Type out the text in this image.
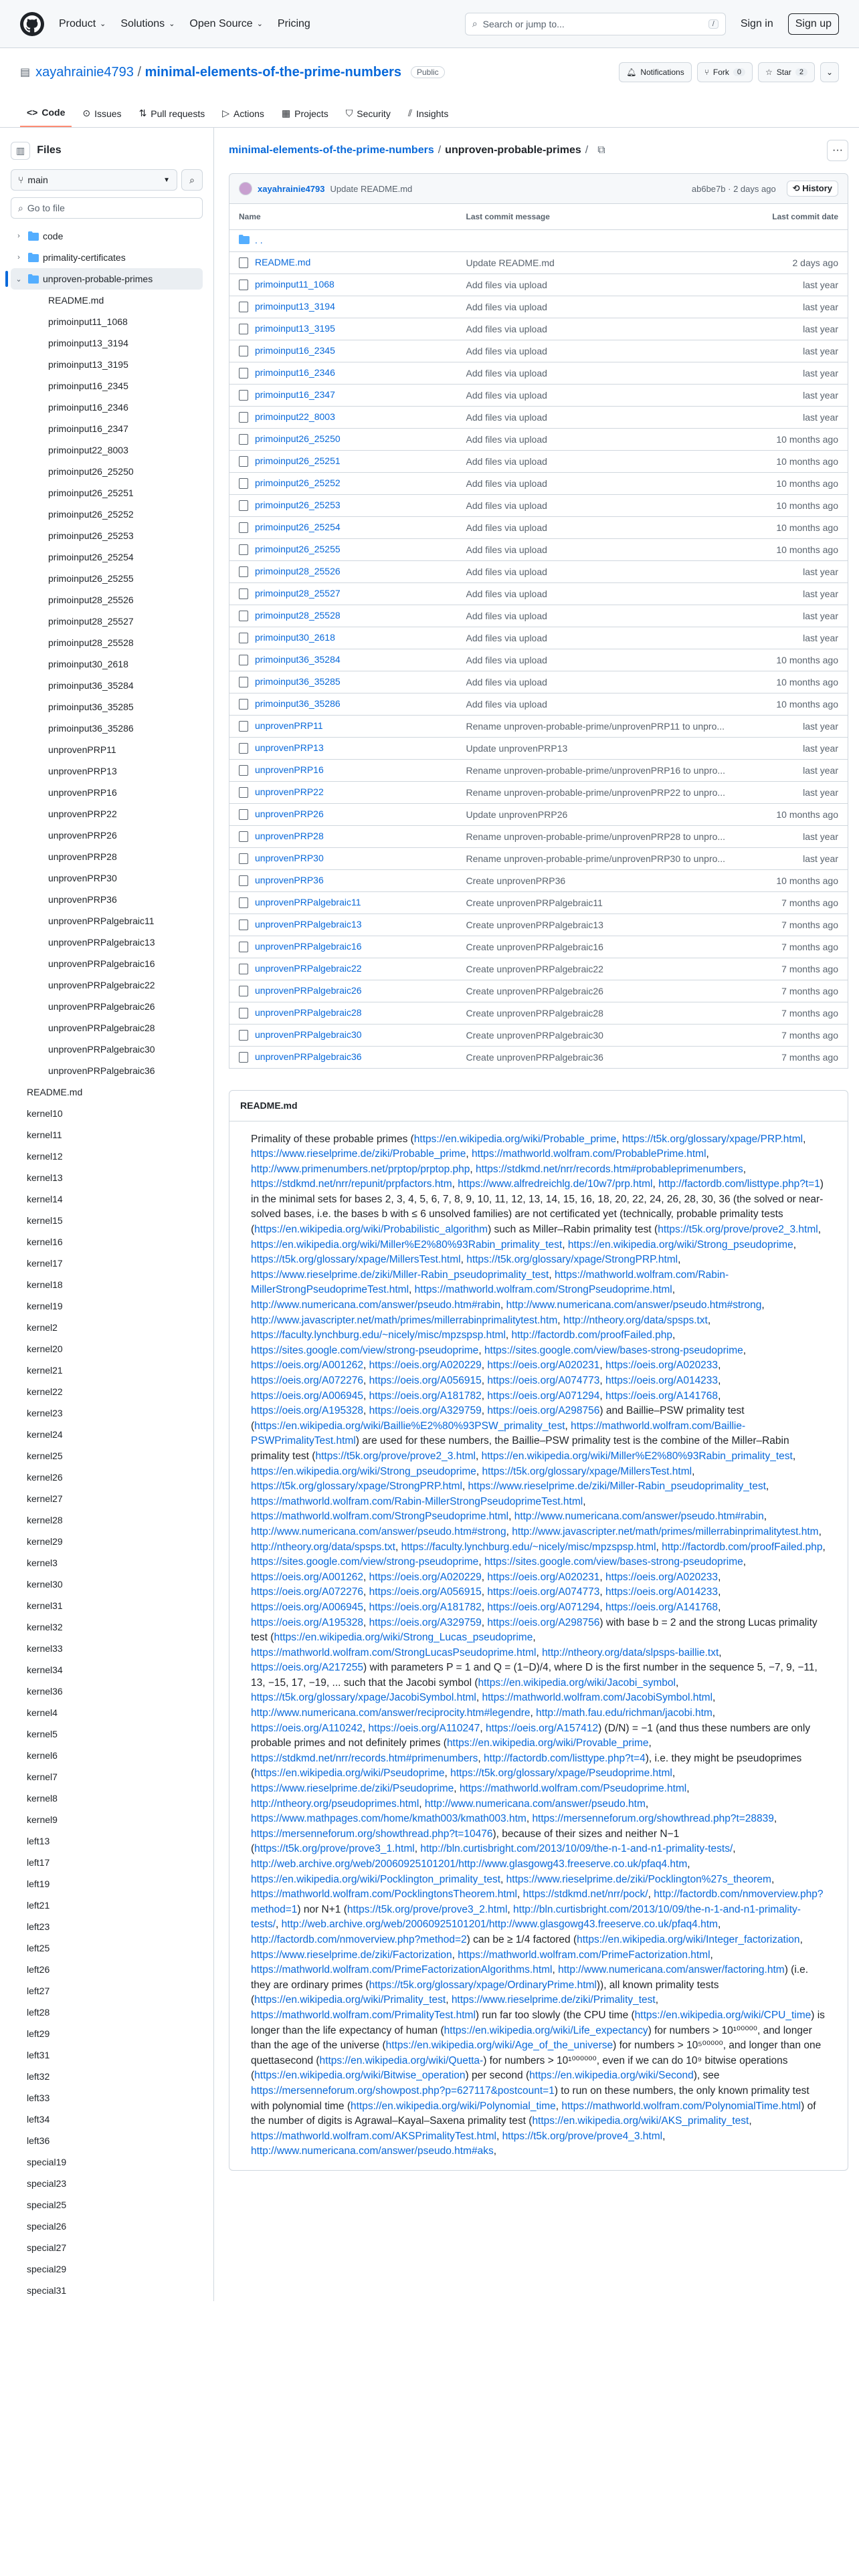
Product ⌄ Solutions ⌄ Open Source ⌄ Pricing	⌕ Search or jump to...	/	Sign in	Sign up
▤ xayahrainie4793 / minimal-elements-of-the-prime-numbers	Public	🔔︎ Notifications	⑂ Fork	0	☆ Star	2	⌄
<> Code ⊙ Issues ⇅ Pull requests ▷ Actions ▦ Projects ⛉ Security ⫽ Insights
▥	Files
⑂ main	▼ ⌕
⌕ Go to file
›	code
›	primality-certificates
⌄ unproven-probable-primes
README.md
primoinput11_1068
primoinput13_3194
primoinput13_3195
primoinput16_2345
primoinput16_2346
primoinput16_2347
primoinput22_8003
primoinput26_25250
primoinput26_25251
primoinput26_25252
primoinput26_25253
primoinput26_25254
primoinput26_25255
primoinput28_25526
primoinput28_25527
primoinput28_25528
primoinput30_2618
primoinput36_35284
primoinput36_35285
primoinput36_35286
unprovenPRP11
unprovenPRP13
unprovenPRP16
unprovenPRP22
unprovenPRP26
unprovenPRP28
unprovenPRP30
unprovenPRP36
unprovenPRPalgebraic11
unprovenPRPalgebraic13
unprovenPRPalgebraic16
unprovenPRPalgebraic22
unprovenPRPalgebraic26
unprovenPRPalgebraic28
unprovenPRPalgebraic30
unprovenPRPalgebraic36
README.md
kernel10
kernel11
kernel12
kernel13
kernel14
kernel15
kernel16
kernel17
kernel18
kernel19
kernel2
kernel20
kernel21
kernel22
kernel23
kernel24
kernel25
kernel26
kernel27
kernel28
kernel29
kernel3
kernel30
kernel31
kernel32
kernel33
kernel34
kernel36
kernel4
kernel5
kernel6
kernel7
kernel8
kernel9
left13
left17
left19
left21
left23
left25
left26
left27
left28
left29
left31
left32
left33
left34
left36
special19
special23
special25
special26
special27
special29
special31
minimal-elements-of-the-prime-numbers / unproven-probable-primes / ⧉	···
xayahrainie4793 Update README.md	ab6be7b · 2 days ago	⟲ History
Name	Last commit message	Last commit date
. .		
README.md	Update README.md	2 days ago
primoinput11_1068	Add files via upload	last year
primoinput13_3194	Add files via upload	last year
primoinput13_3195	Add files via upload	last year
primoinput16_2345	Add files via upload	last year
primoinput16_2346	Add files via upload	last year
primoinput16_2347	Add files via upload	last year
primoinput22_8003	Add files via upload	last year
primoinput26_25250	Add files via upload	10 months ago
primoinput26_25251	Add files via upload	10 months ago
primoinput26_25252	Add files via upload	10 months ago
primoinput26_25253	Add files via upload	10 months ago
primoinput26_25254	Add files via upload	10 months ago
primoinput26_25255	Add files via upload	10 months ago
primoinput28_25526	Add files via upload	last year
primoinput28_25527	Add files via upload	last year
primoinput28_25528	Add files via upload	last year
primoinput30_2618	Add files via upload	last year
primoinput36_35284	Add files via upload	10 months ago
primoinput36_35285	Add files via upload	10 months ago
primoinput36_35286	Add files via upload	10 months ago
unprovenPRP11	Rename unproven-probable-prime/unprovenPRP11 to unpro...	last year
unprovenPRP13	Update unprovenPRP13	last year
unprovenPRP16	Rename unproven-probable-prime/unprovenPRP16 to unpro...	last year
unprovenPRP22	Rename unproven-probable-prime/unprovenPRP22 to unpro...	last year
unprovenPRP26	Update unprovenPRP26	10 months ago
unprovenPRP28	Rename unproven-probable-prime/unprovenPRP28 to unpro...	last year
unprovenPRP30	Rename unproven-probable-prime/unprovenPRP30 to unpro...	last year
unprovenPRP36	Create unprovenPRP36	10 months ago
unprovenPRPalgebraic11	Create unprovenPRPalgebraic11	7 months ago
unprovenPRPalgebraic13	Create unprovenPRPalgebraic13	7 months ago
unprovenPRPalgebraic16	Create unprovenPRPalgebraic16	7 months ago
unprovenPRPalgebraic22	Create unprovenPRPalgebraic22	7 months ago
unprovenPRPalgebraic26	Create unprovenPRPalgebraic26	7 months ago
unprovenPRPalgebraic28	Create unprovenPRPalgebraic28	7 months ago
unprovenPRPalgebraic30	Create unprovenPRPalgebraic30	7 months ago
unprovenPRPalgebraic36	Create unprovenPRPalgebraic36	7 months ago
README.md
Primality of these probable primes (https://en.wikipedia.org/wiki/Probable_prime, https://t5k.org/glossary/xpage/PRP.html, https://www.rieselprime.de/ziki/Probable_prime, https://mathworld.wolfram.com/ProbablePrime.html, http://www.primenumbers.net/prptop/prptop.php, https://stdkmd.net/nrr/records.htm#probableprimenumbers, https://stdkmd.net/nrr/repunit/prpfactors.htm, https://www.alfredreichlg.de/10w7/prp.html, http://factordb.com/listtype.php?t=1) in the minimal sets for bases 2, 3, 4, 5, 6, 7, 8, 9, 10, 11, 12, 13, 14, 15, 16, 18, 20, 22, 24, 26, 28, 30, 36 (the solved or near-solved bases, i.e. the bases b with ≤ 6 unsolved families) are not certificated yet (technically, probable primality tests (https://en.wikipedia.org/wiki/Probabilistic_algorithm) such as Miller–Rabin primality test (https://t5k.org/prove/prove2_3.html, https://en.wikipedia.org/wiki/Miller%E2%80%93Rabin_primality_test, https://en.wikipedia.org/wiki/Strong_pseudoprime, https://t5k.org/glossary/xpage/MillersTest.html, https://t5k.org/glossary/xpage/StrongPRP.html, https://www.rieselprime.de/ziki/Miller-Rabin_pseudoprimality_test, https://mathworld.wolfram.com/Rabin-MillerStrongPseudoprimeTest.html, https://mathworld.wolfram.com/StrongPseudoprime.html, http://www.numericana.com/answer/pseudo.htm#rabin, http://www.numericana.com/answer/pseudo.htm#strong, http://www.javascripter.net/math/primes/millerrabinprimalitytest.htm, http://ntheory.org/data/spsps.txt, https://faculty.lynchburg.edu/~nicely/misc/mpzspsp.html, http://factordb.com/proofFailed.php, https://sites.google.com/view/strong-pseudoprime, https://sites.google.com/view/bases-strong-pseudoprime, https://oeis.org/A001262, https://oeis.org/A020229, https://oeis.org/A020231, https://oeis.org/A020233, https://oeis.org/A072276, https://oeis.org/A056915, https://oeis.org/A074773, https://oeis.org/A014233, https://oeis.org/A006945, https://oeis.org/A181782, https://oeis.org/A071294, https://oeis.org/A141768, https://oeis.org/A195328, https://oeis.org/A329759, https://oeis.org/A298756) and Baillie–PSW primality test (https://en.wikipedia.org/wiki/Baillie%E2%80%93PSW_primality_test, https://mathworld.wolfram.com/Baillie-PSWPrimalityTest.html) are used for these numbers, the Baillie–PSW primality test is the combine of the Miller–Rabin primality test (https://t5k.org/prove/prove2_3.html, https://en.wikipedia.org/wiki/Miller%E2%80%93Rabin_primality_test, https://en.wikipedia.org/wiki/Strong_pseudoprime, https://t5k.org/glossary/xpage/MillersTest.html, https://t5k.org/glossary/xpage/StrongPRP.html, https://www.rieselprime.de/ziki/Miller-Rabin_pseudoprimality_test, https://mathworld.wolfram.com/Rabin-MillerStrongPseudoprimeTest.html, https://mathworld.wolfram.com/StrongPseudoprime.html, http://www.numericana.com/answer/pseudo.htm#rabin, http://www.numericana.com/answer/pseudo.htm#strong, http://www.javascripter.net/math/primes/millerrabinprimalitytest.htm, http://ntheory.org/data/spsps.txt, https://faculty.lynchburg.edu/~nicely/misc/mpzspsp.html, http://factordb.com/proofFailed.php, https://sites.google.com/view/strong-pseudoprime, https://sites.google.com/view/bases-strong-pseudoprime, https://oeis.org/A001262, https://oeis.org/A020229, https://oeis.org/A020231, https://oeis.org/A020233, https://oeis.org/A072276, https://oeis.org/A056915, https://oeis.org/A074773, https://oeis.org/A014233, https://oeis.org/A006945, https://oeis.org/A181782, https://oeis.org/A071294, https://oeis.org/A141768, https://oeis.org/A195328, https://oeis.org/A329759, https://oeis.org/A298756) with base b = 2 and the strong Lucas primality test (https://en.wikipedia.org/wiki/Strong_Lucas_pseudoprime, https://mathworld.wolfram.com/StrongLucasPseudoprime.html, http://ntheory.org/data/slpsps-baillie.txt, https://oeis.org/A217255) with parameters P = 1 and Q = (1−D)/4, where D is the first number in the sequence 5, −7, 9, −11, 13, −15, 17, −19, ... such that the Jacobi symbol (https://en.wikipedia.org/wiki/Jacobi_symbol, https://t5k.org/glossary/xpage/JacobiSymbol.html, https://mathworld.wolfram.com/JacobiSymbol.html, http://www.numericana.com/answer/reciprocity.htm#legendre, http://math.fau.edu/richman/jacobi.htm, https://oeis.org/A110242, https://oeis.org/A110247, https://oeis.org/A157412) (D/N) = −1 (and thus these numbers are only probable primes and not definitely primes (https://en.wikipedia.org/wiki/Provable_prime, https://stdkmd.net/nrr/records.htm#primenumbers, http://factordb.com/listtype.php?t=4), i.e. they might be pseudoprimes (https://en.wikipedia.org/wiki/Pseudoprime, https://t5k.org/glossary/xpage/Pseudoprime.html, https://www.rieselprime.de/ziki/Pseudoprime, https://mathworld.wolfram.com/Pseudoprime.html, http://ntheory.org/pseudoprimes.html, http://www.numericana.com/answer/pseudo.htm, https://www.mathpages.com/home/kmath003/kmath003.htm, https://mersenneforum.org/showthread.php?t=28839, https://mersenneforum.org/showthread.php?t=10476), because of their sizes and neither N−1 (https://t5k.org/prove/prove3_1.html, http://bln.curtisbright.com/2013/10/09/the-n-1-and-n1-primality-tests/, http://web.archive.org/web/20060925101201/http://www.glasgowg43.freeserve.co.uk/pfaq4.htm, https://en.wikipedia.org/wiki/Pocklington_primality_test, https://www.rieselprime.de/ziki/Pocklington%27s_theorem, https://mathworld.wolfram.com/PocklingtonsTheorem.html, https://stdkmd.net/nrr/pock/, http://factordb.com/nmoverview.php?method=1) nor N+1 (https://t5k.org/prove/prove3_2.html, http://bln.curtisbright.com/2013/10/09/the-n-1-and-n1-primality-tests/, http://web.archive.org/web/20060925101201/http://www.glasgowg43.freeserve.co.uk/pfaq4.htm, http://factordb.com/nmoverview.php?method=2) can be ≥ 1/4 factored (https://en.wikipedia.org/wiki/Integer_factorization, https://www.rieselprime.de/ziki/Factorization, https://mathworld.wolfram.com/PrimeFactorization.html, https://mathworld.wolfram.com/PrimeFactorizationAlgorithms.html, http://www.numericana.com/answer/factoring.htm) (i.e. they are ordinary primes (https://t5k.org/glossary/xpage/OrdinaryPrime.html)), all known primality tests (https://en.wikipedia.org/wiki/Primality_test, https://www.rieselprime.de/ziki/Primality_test, https://mathworld.wolfram.com/PrimalityTest.html) run far too slowly (the CPU time (https://en.wikipedia.org/wiki/CPU_time) is longer than the life expectancy of human (https://en.wikipedia.org/wiki/Life_expectancy) for numbers > 10¹⁰⁰⁰⁰⁰, and longer than the age of the universe (https://en.wikipedia.org/wiki/Age_of_the_universe) for numbers > 10⁵⁰⁰⁰⁰⁰, and longer than one quettasecond (https://en.wikipedia.org/wiki/Quetta-) for numbers > 10¹⁰⁰⁰⁰⁰⁰, even if we can do 10⁹ bitwise operations (https://en.wikipedia.org/wiki/Bitwise_operation) per second (https://en.wikipedia.org/wiki/Second), see https://mersenneforum.org/showpost.php?p=627117&postcount=1) to run on these numbers, the only known primality test with polynomial time (https://en.wikipedia.org/wiki/Polynomial_time, https://mathworld.wolfram.com/PolynomialTime.html) of the number of digits is Agrawal–Kayal–Saxena primality test (https://en.wikipedia.org/wiki/AKS_primality_test, https://mathworld.wolfram.com/AKSPrimalityTest.html, https://t5k.org/prove/prove4_3.html, http://www.numericana.com/answer/pseudo.htm#aks,
